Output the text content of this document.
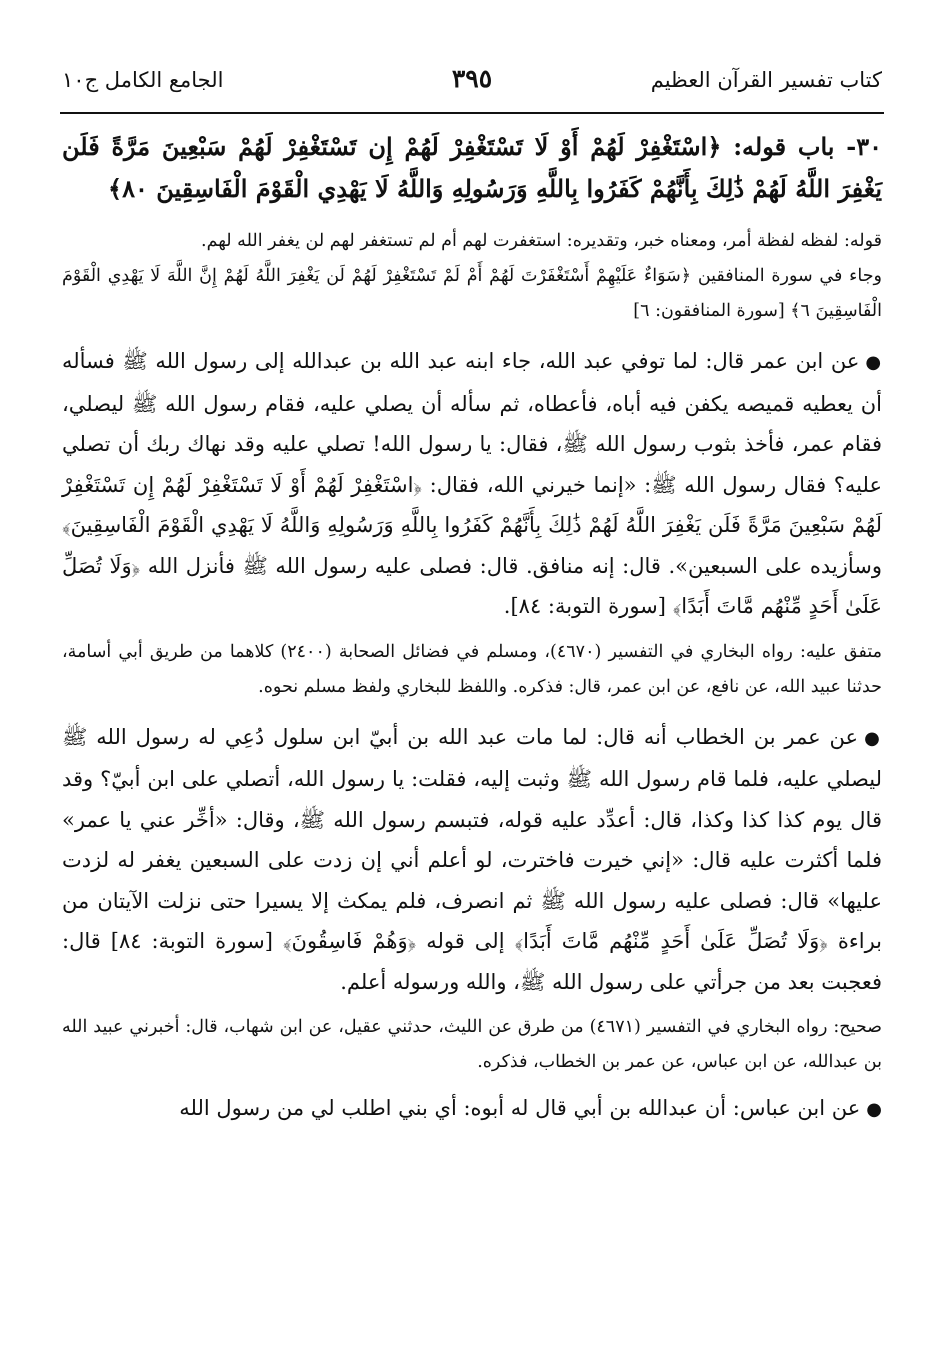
كتاب تفسير القرآن العظيم
٣٩٥
الجامع الكامل ج١٠

٣٠- باب قوله: ﴿اسْتَغْفِرْ لَهُمْ أَوْ لَا تَسْتَغْفِرْ لَهُمْ إِن تَسْتَغْفِرْ لَهُمْ سَبْعِينَ مَرَّةً فَلَن يَغْفِرَ اللَّهُ لَهُمْ ذَٰلِكَ بِأَنَّهُمْ كَفَرُوا بِاللَّهِ وَرَسُولِهِ وَاللَّهُ لَا يَهْدِي الْقَوْمَ الْفَاسِقِينَ ٨٠﴾

قوله: لفظه لفظة أمر، ومعناه خبر، وتقديره: استغفرت لهم أم لم تستغفر لهم لن يغفر الله لهم.

وجاء في سورة المنافقين ﴿سَوَاءٌ عَلَيْهِمْ أَسْتَغْفَرْتَ لَهُمْ أَمْ لَمْ تَسْتَغْفِرْ لَهُمْ لَن يَغْفِرَ اللَّهُ لَهُمْ إِنَّ اللَّهَ لَا يَهْدِي الْقَوْمَ الْفَاسِقِينَ ٦﴾ [سورة المنافقون: ٦]

●عن ابن عمر قال: لما توفي عبد الله، جاء ابنه عبد الله بن عبدالله إلى رسول الله ﷺ فسأله أن يعطيه قميصه يكفن فيه أباه، فأعطاه، ثم سأله أن يصلي عليه، فقام رسول الله ﷺ ليصلي، فقام عمر، فأخذ بثوب رسول الله ﷺ، فقال: يا رسول الله! تصلي عليه وقد نهاك ربك أن تصلي عليه؟ فقال رسول الله ﷺ: «إنما خيرني الله، فقال: ﴿اسْتَغْفِرْ لَهُمْ أَوْ لَا تَسْتَغْفِرْ لَهُمْ إِن تَسْتَغْفِرْ لَهُمْ سَبْعِينَ مَرَّةً فَلَن يَغْفِرَ اللَّهُ لَهُمْ ذَٰلِكَ بِأَنَّهُمْ كَفَرُوا بِاللَّهِ وَرَسُولِهِ وَاللَّهُ لَا يَهْدِي الْقَوْمَ الْفَاسِقِينَ﴾ وسأزيده على السبعين». قال: إنه منافق. قال: فصلى عليه رسول الله ﷺ فأنزل الله ﴿وَلَا تُصَلِّ عَلَىٰ أَحَدٍ مِّنْهُم مَّاتَ أَبَدًا﴾ [سورة التوبة: ٨٤].

متفق عليه: رواه البخاري في التفسير (٤٦٧٠)، ومسلم في فضائل الصحابة (٢٤٠٠) كلاهما من طريق أبي أسامة، حدثنا عبيد الله، عن نافع، عن ابن عمر، قال: فذكره. واللفظ للبخاري ولفظ مسلم نحوه.

●عن عمر بن الخطاب أنه قال: لما مات عبد الله بن أبيّ ابن سلول دُعِي له رسول الله ﷺ ليصلي عليه، فلما قام رسول الله ﷺ وثبت إليه، فقلت: يا رسول الله، أتصلي على ابن أبيّ؟ وقد قال يوم كذا كذا وكذا، قال: أعدِّد عليه قوله، فتبسم رسول الله ﷺ، وقال: «أخِّر عني يا عمر» فلما أكثرت عليه قال: «إني خيرت فاخترت، لو أعلم أني إن زدت على السبعين يغفر له لزدت عليها» قال: فصلى عليه رسول الله ﷺ ثم انصرف، فلم يمكث إلا يسيرا حتى نزلت الآيتان من براءة ﴿وَلَا تُصَلِّ عَلَىٰ أَحَدٍ مِّنْهُم مَّاتَ أَبَدًا﴾ إلى قوله ﴿وَهُمْ فَاسِقُونَ﴾ [سورة التوبة: ٨٤] قال: فعجبت بعد من جرأتي على رسول الله ﷺ، والله ورسوله أعلم.

صحيح: رواه البخاري في التفسير (٤٦٧١) من طرق عن الليث، حدثني عقيل، عن ابن شهاب، قال: أخبرني عبيد الله بن عبدالله، عن ابن عباس، عن عمر بن الخطاب، فذكره.

●عن ابن عباس: أن عبدالله بن أبي قال له أبوه: أي بني اطلب لي من رسول الله
